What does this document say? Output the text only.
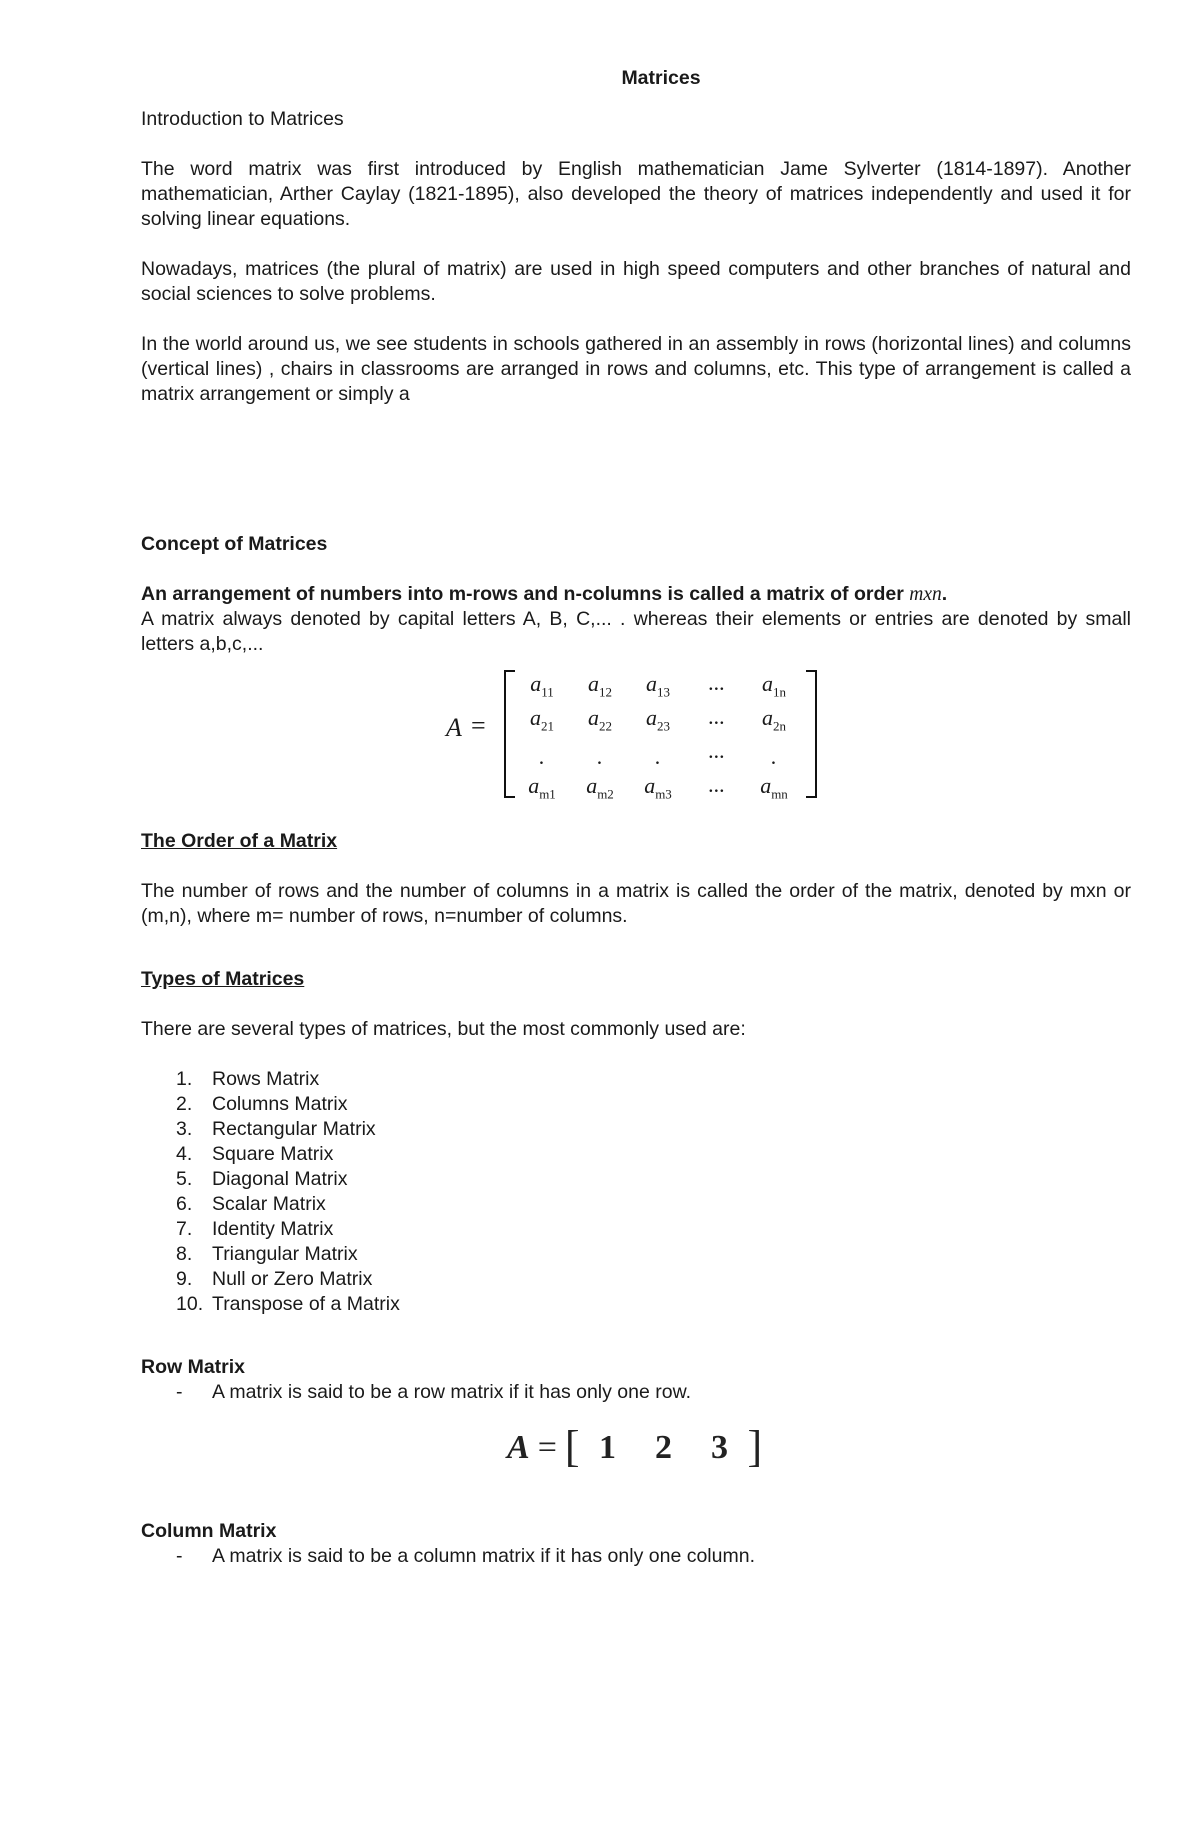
Matrices

Introduction to Matrices

The word matrix was first introduced by English mathematician Jame Sylverter (1814-1897). Another mathematician, Arther Caylay (1821-1895), also developed the theory of matrices independently and used it for solving linear equations.

Nowadays, matrices (the plural of matrix) are used in high speed computers and other branches of natural and social sciences to solve problems.

In the world around us, we see students in schools gathered in an assembly in rows (horizontal lines) and columns (vertical lines) , chairs in classrooms are arranged in rows and columns, etc. This type of arrangement is called a matrix arrangement or simply a

Concept of Matrices

An arrangement of numbers into m-rows and n-columns is called a matrix of order mxn.

A matrix always denoted by capital letters A, B, C,... . whereas their elements or entries are denoted by small letters a,b,c,...

A =
$a_{11}$	$a_{12}$	$a_{13}$	···	$a_{1n}$
$a_{21}$	$a_{22}$	$a_{23}$	···	$a_{2n}$
.	.	.	···	.
$a_{m1}$	$a_{m2}$	$a_{m3}$	···	$a_{mn}$

The Order of a Matrix

The number of rows and the number of columns in a matrix is called the order of the matrix, denoted by mxn or (m,n), where m= number of rows, n=number of columns.

Types of Matrices

There are several types of matrices, but the most commonly used are:

1. Rows Matrix
2. Columns Matrix
3. Rectangular Matrix
4. Square Matrix
5. Diagonal Matrix
6. Scalar Matrix
7. Identity Matrix
8. Triangular Matrix
9. Null or Zero Matrix
10. Transpose of a Matrix

Row Matrix

- A matrix is said to be a row matrix if it has only one row.
A = [ 1	2	3 ]

Column Matrix

- A matrix is said to be a column matrix if it has only one column.
